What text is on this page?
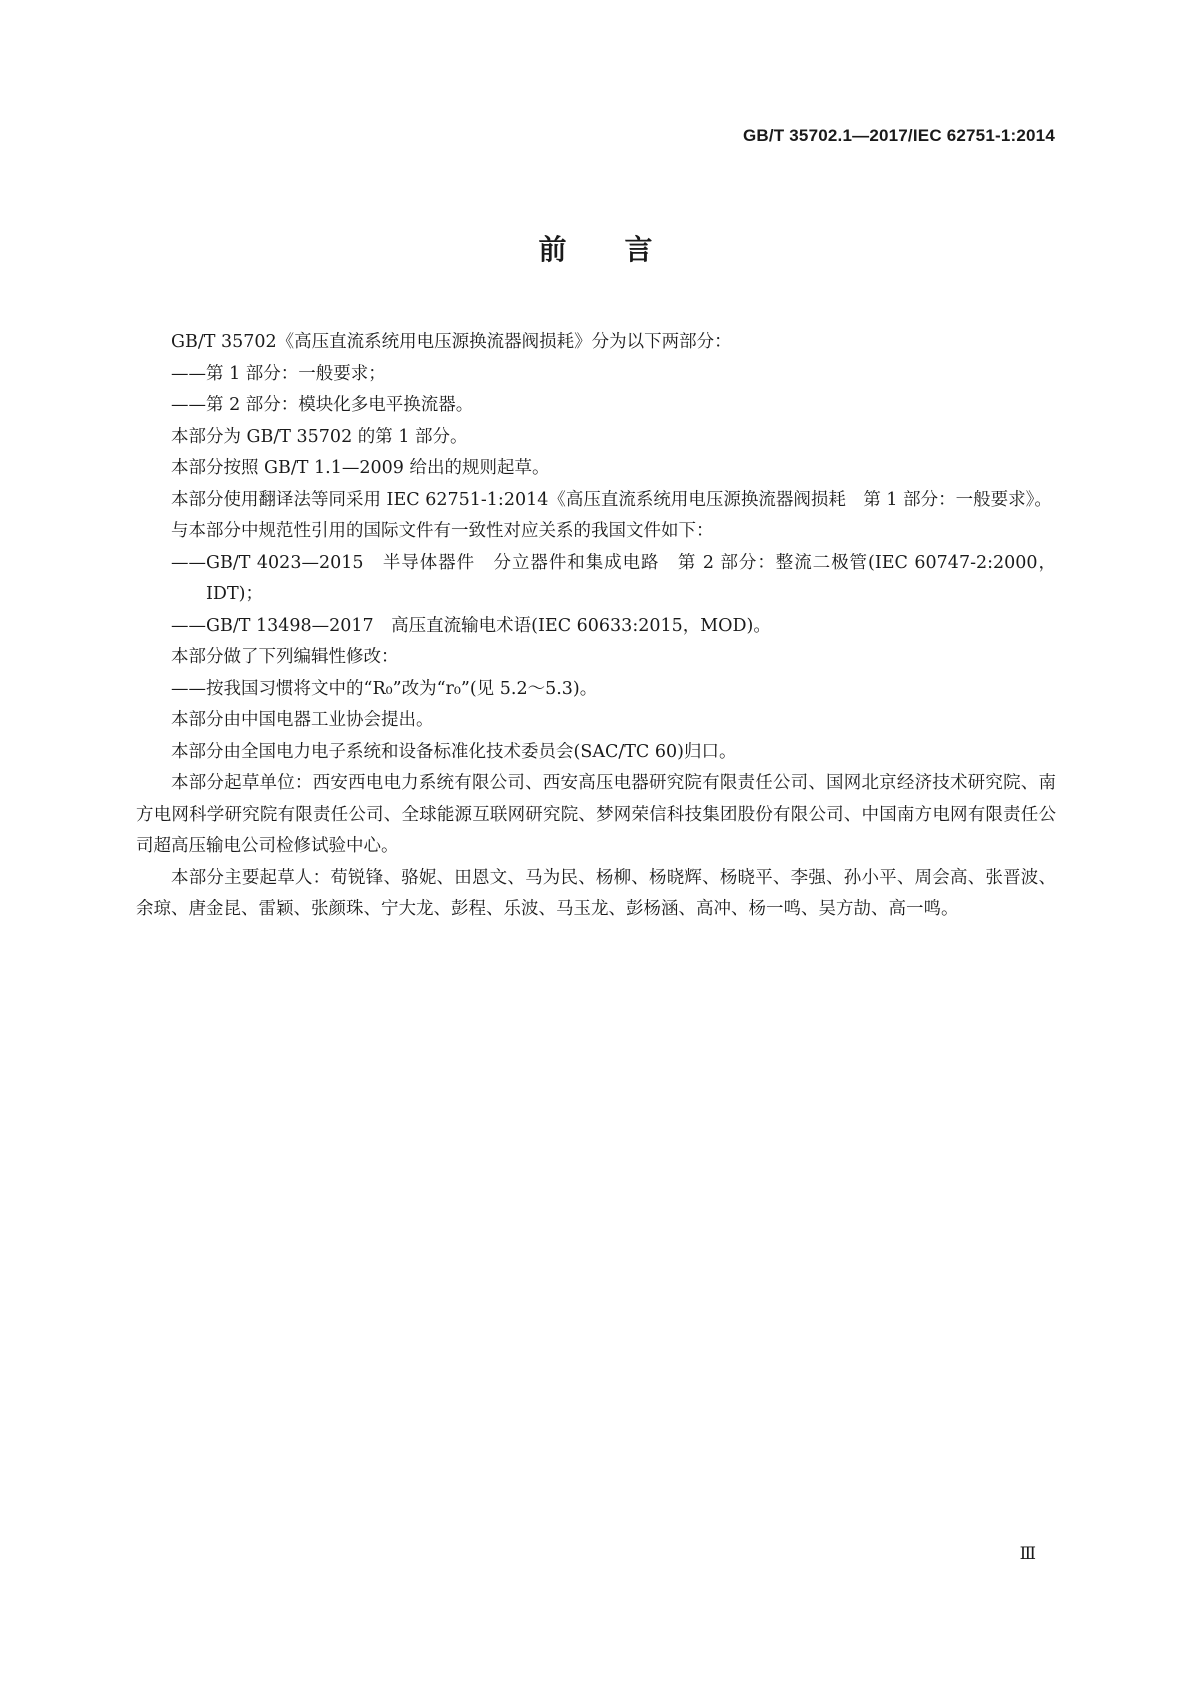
GB/T 35702.1—2017/IEC 62751-1:2014
前言

GB/T 35702《高压直流系统用电压源换流器阀损耗》分为以下两部分：

——第 1 部分：一般要求；

——第 2 部分：模块化多电平换流器。

本部分为 GB/T 35702 的第 1 部分。

本部分按照 GB/T 1.1—2009 给出的规则起草。

本部分使用翻译法等同采用 IEC 62751-1:2014《高压直流系统用电压源换流器阀损耗　第 1 部分：一般要求》。

与本部分中规范性引用的国际文件有一致性对应关系的我国文件如下：

——GB/T 4023—2015　半导体器件　分立器件和集成电路　第 2 部分：整流二极管(IEC 60747-2:2000，IDT)；

——GB/T 13498—2017　高压直流输电术语(IEC 60633:2015，MOD)。

本部分做了下列编辑性修改：

——按我国习惯将文中的“R₀”改为“r₀”(见 5.2～5.3)。

本部分由中国电器工业协会提出。

本部分由全国电力电子系统和设备标准化技术委员会(SAC/TC 60)归口。

本部分起草单位：西安西电电力系统有限公司、西安高压电器研究院有限责任公司、国网北京经济技术研究院、南方电网科学研究院有限责任公司、全球能源互联网研究院、梦网荣信科技集团股份有限公司、中国南方电网有限责任公司超高压输电公司检修试验中心。

本部分主要起草人：荀锐锋、骆妮、田恩文、马为民、杨柳、杨晓辉、杨晓平、李强、孙小平、周会高、张晋波、余琼、唐金昆、雷颖、张颜珠、宁大龙、彭程、乐波、马玉龙、彭杨涵、高冲、杨一鸣、吴方劼、高一鸣。

Ⅲ
